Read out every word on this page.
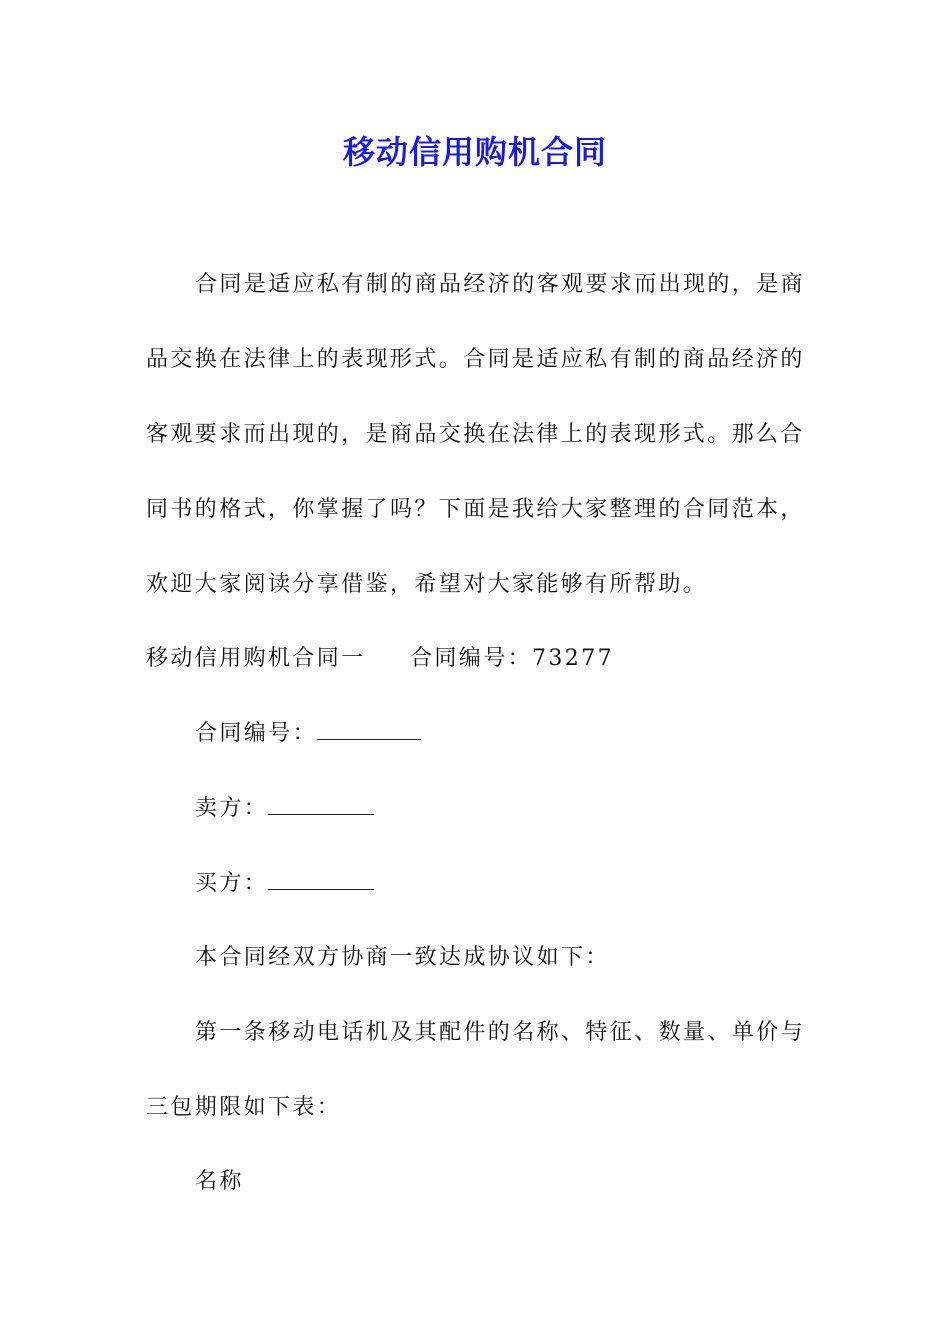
移动信用购机合同

合同是适应私有制的商品经济的客观要求而出现的，是商

品交换在法律上的表现形式。合同是适应私有制的商品经济的

客观要求而出现的，是商品交换在法律上的表现形式。那么合

同书的格式，你掌握了吗？下面是我给大家整理的合同范本，

欢迎大家阅读分享借鉴，希望对大家能够有所帮助。

移动信用购机合同一 合同编号：73277

合同编号：

卖方：

买方：

本合同经双方协商一致达成协议如下：

第一条移动电话机及其配件的名称、特征、数量、单价与

三包期限如下表：

名称
